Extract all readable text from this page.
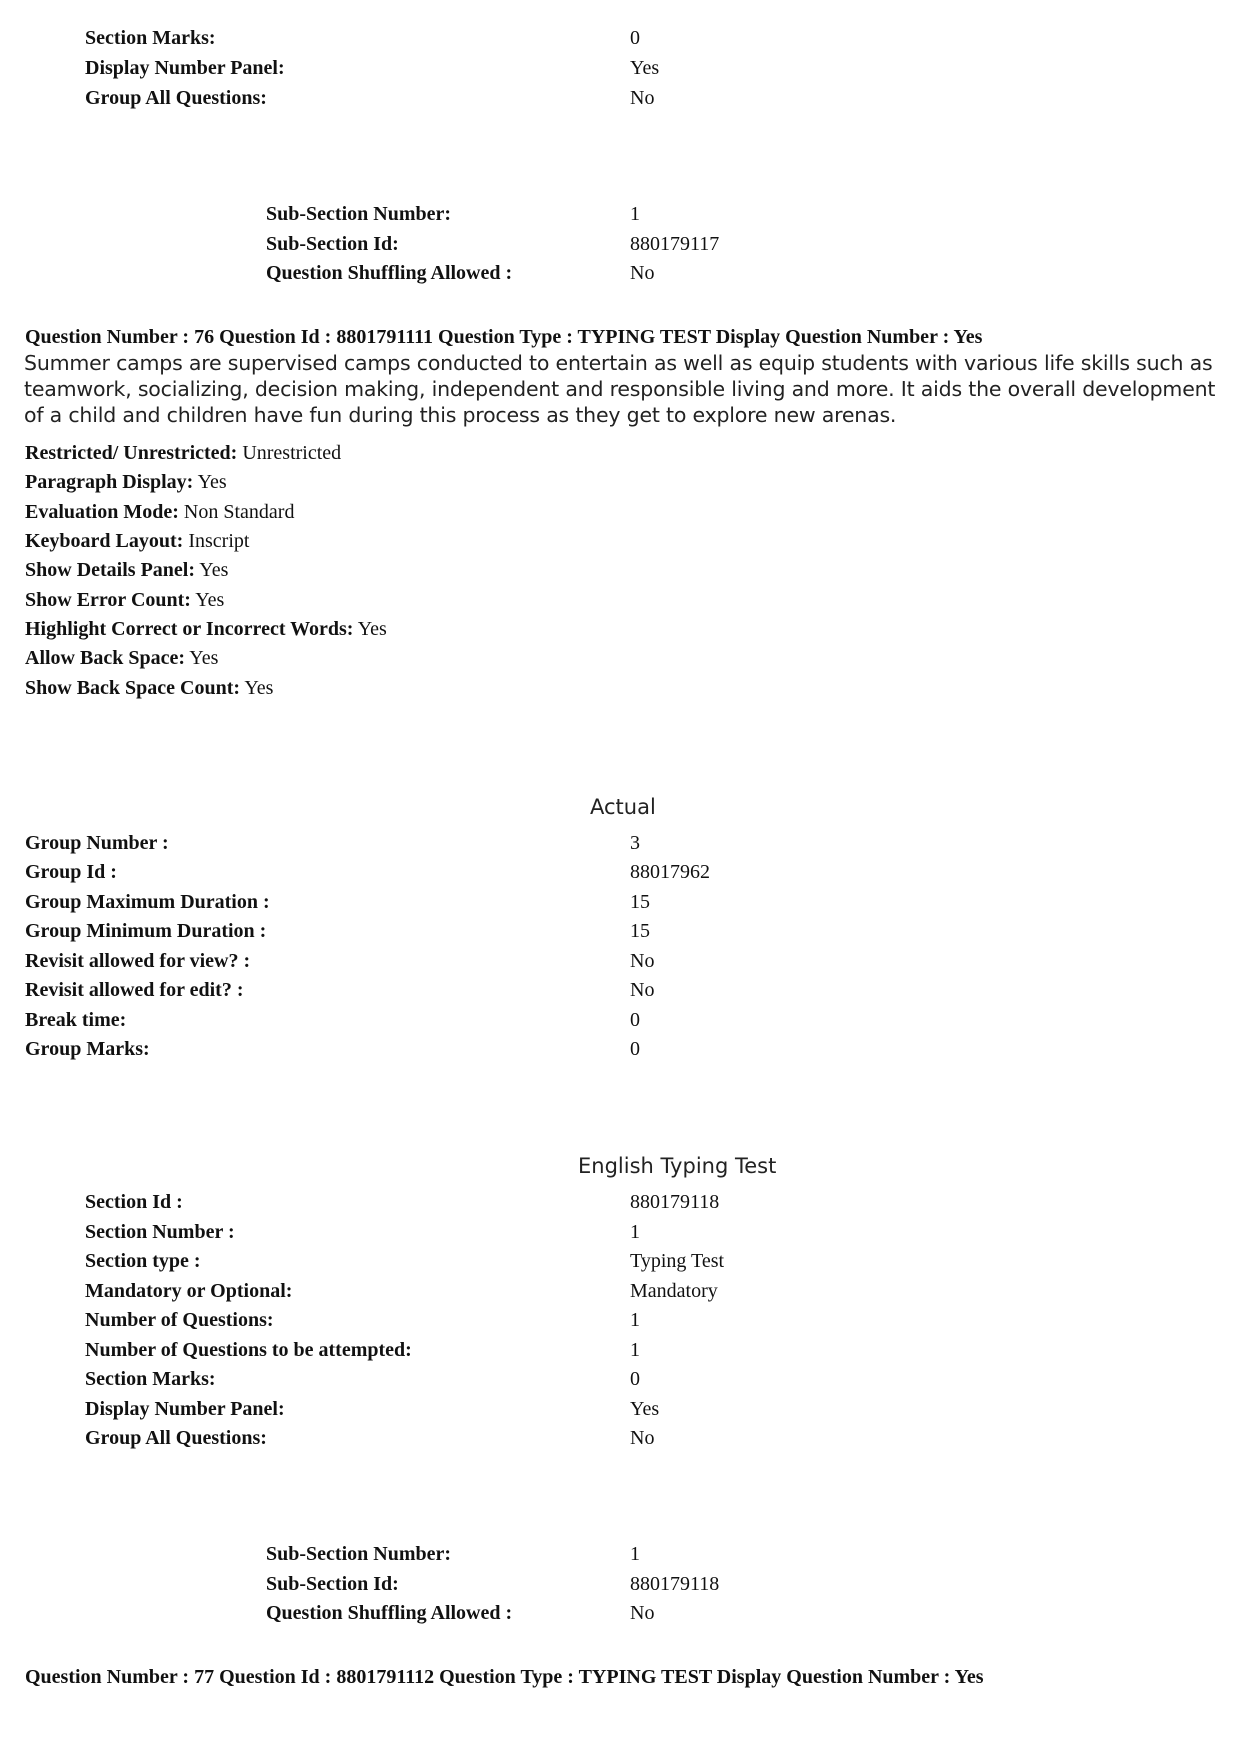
Section Marks:	0
Display Number Panel:	Yes
Group All Questions:	No
Sub-Section Number:	1
Sub-Section Id:	880179117
Question Shuffling Allowed :	No
Question Number : 76 Question Id : 8801791111 Question Type : TYPING TEST Display Question Number : Yes
Summer camps are supervised camps conducted to entertain as well as equip students with various life skills such as teamwork, socializing, decision making, independent and responsible living and more. It aids the overall development of a child and children have fun during this process as they get to explore new arenas.
Restricted/ Unrestricted: Unrestricted
Paragraph Display: Yes
Evaluation Mode: Non Standard
Keyboard Layout: Inscript
Show Details Panel: Yes
Show Error Count: Yes
Highlight Correct or Incorrect Words: Yes
Allow Back Space: Yes
Show Back Space Count: Yes
Actual
Group Number :	3
Group Id :	88017962
Group Maximum Duration :	15
Group Minimum Duration :	15
Revisit allowed for view? :	No
Revisit allowed for edit? :	No
Break time:	0
Group Marks:	0
English Typing Test
Section Id :	880179118
Section Number :	1
Section type :	Typing Test
Mandatory or Optional:	Mandatory
Number of Questions:	1
Number of Questions to be attempted:	1
Section Marks:	0
Display Number Panel:	Yes
Group All Questions:	No
Sub-Section Number:	1
Sub-Section Id:	880179118
Question Shuffling Allowed :	No
Question Number : 77 Question Id : 8801791112 Question Type : TYPING TEST Display Question Number : Yes
